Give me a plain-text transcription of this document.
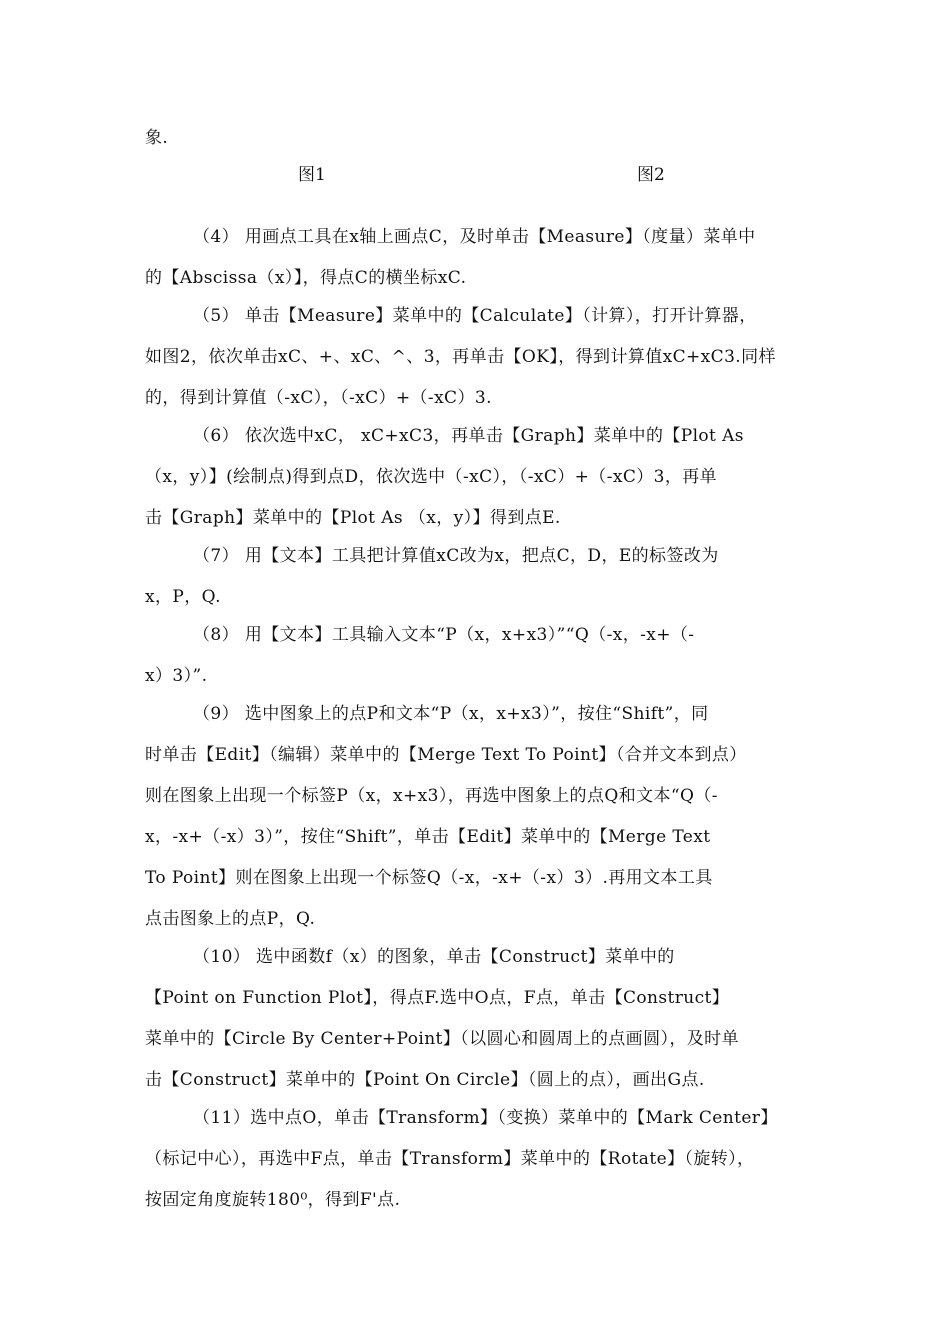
象.
图1	图2
（4） 用画点工具在x轴上画点C，及时单击【Measure】（度量）菜单中
的【Abscissa（x）】，得点C的横坐标xC.
（5） 单击【Measure】菜单中的【Calculate】（计算），打开计算器，
如图2，依次单击xC、+、xC、^、3，再单击【OK】，得到计算值xC+xC3.同样
的，得到计算值（-xC），（-xC）+（-xC）3.
（6） 依次选中xC， xC+xC3，再单击【Graph】菜单中的【Plot As
（x，y）】(绘制点)得到点D，依次选中（-xC），（-xC）+（-xC）3，再单
击【Graph】菜单中的【Plot As （x，y）】得到点E.
（7） 用【文本】工具把计算值xC改为x，把点C，D，E的标签改为
x，P，Q.
（8） 用【文本】工具输入文本“P（x，x+x3）”“Q（-x，-x+（-
x）3）”.
（9） 选中图象上的点P和文本“P（x，x+x3）”，按住“Shift”，同
时单击【Edit】（编辑）菜单中的【Merge Text To Point】（合并文本到点）
则在图象上出现一个标签P（x，x+x3），再选中图象上的点Q和文本“Q（-
x，-x+（-x）3）”，按住“Shift”，单击【Edit】菜单中的【Merge Text
To Point】则在图象上出现一个标签Q（-x，-x+（-x）3）.再用文本工具
点击图象上的点P，Q.
（10） 选中函数f（x）的图象，单击【Construct】菜单中的
【Point on Function Plot】，得点F.选中O点，F点，单击【Construct】
菜单中的【Circle By Center+Point】（以圆心和圆周上的点画圆），及时单
击【Construct】菜单中的【Point On Circle】（圆上的点），画出G点.
（11）选中点O，单击【Transform】（变换）菜单中的【Mark Center】
（标记中心），再选中F点，单击【Transform】菜单中的【Rotate】（旋转），
按固定角度旋转180⁰，得到F'点.
